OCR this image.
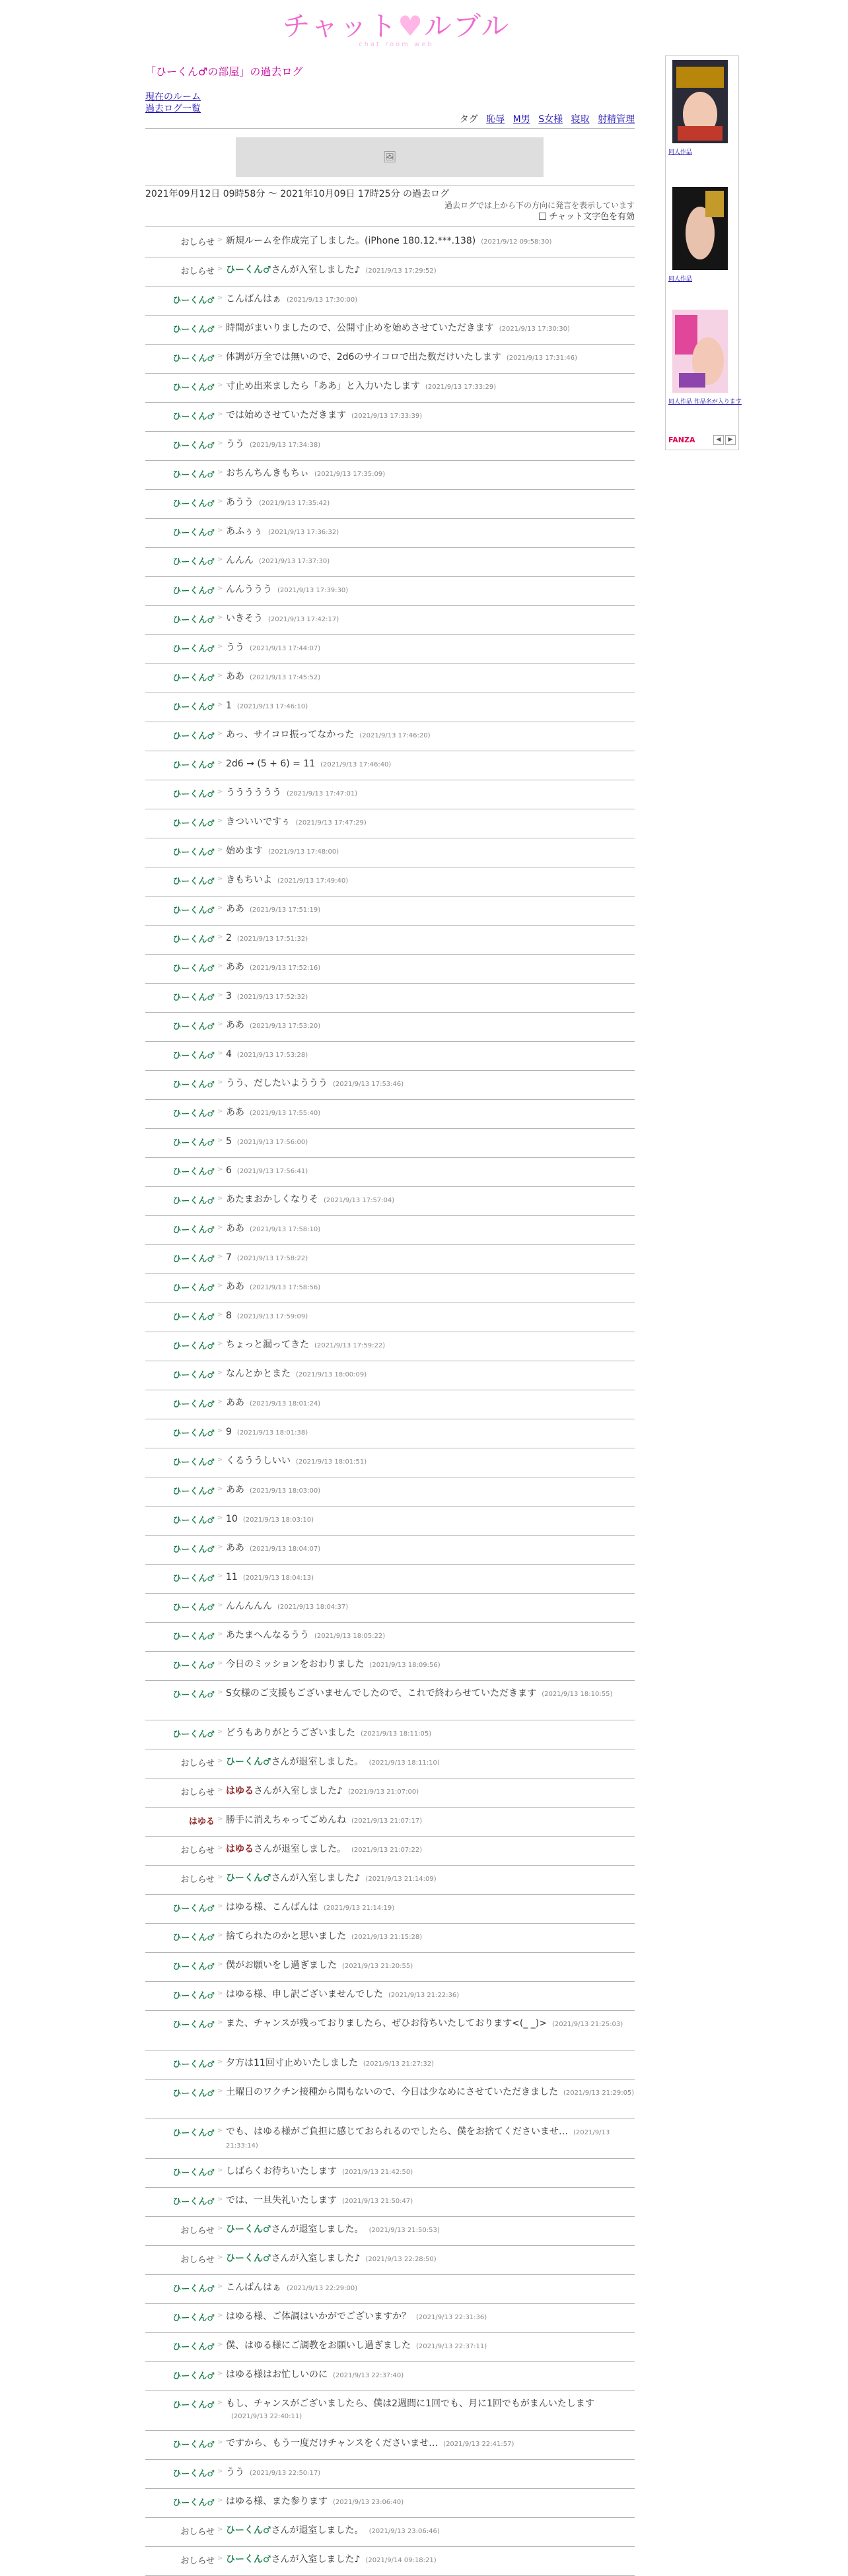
チャット♥ルブル
chat room web
「ひーくん♂の部屋」の過去ログ
現在のルーム
過去ログ一覧
タグ 恥辱 M男 S女様 寝取 射精管理
🖼
2021年09月12日 09時58分 〜 2021年10月09日 17時25分 の過去ログ
過去ログでは上から下の方向に発言を表示しています
チャット文字色を有効
おしらせ > 新規ルームを作成完了しました。(iPhone 180.12.***.138) (2021/9/12 09:58:30)
おしらせ > ひーくん♂さんが入室しました♪ (2021/9/13 17:29:52)
ひーくん♂ > こんばんはぁ (2021/9/13 17:30:00)
ひーくん♂ > 時間がまいりましたので、公開寸止めを始めさせていただきます (2021/9/13 17:30:30)
ひーくん♂ > 体調が万全では無いので、2d6のサイコロで出た数だけいたします (2021/9/13 17:31:46)
ひーくん♂ > 寸止め出来ましたら「ああ」と入力いたします (2021/9/13 17:33:29)
ひーくん♂ > では始めさせていただきます (2021/9/13 17:33:39)
ひーくん♂ > うう (2021/9/13 17:34:38)
ひーくん♂ > おちんちんきもちぃ (2021/9/13 17:35:09)
ひーくん♂ > あうう (2021/9/13 17:35:42)
ひーくん♂ > あふぅぅ (2021/9/13 17:36:32)
ひーくん♂ > んんん (2021/9/13 17:37:30)
ひーくん♂ > んんううう (2021/9/13 17:39:30)
ひーくん♂ > いきそう (2021/9/13 17:42:17)
ひーくん♂ > うう (2021/9/13 17:44:07)
ひーくん♂ > ああ (2021/9/13 17:45:52)
ひーくん♂ > 1 (2021/9/13 17:46:10)
ひーくん♂ > あっ、サイコロ振ってなかった (2021/9/13 17:46:20)
ひーくん♂ > 2d6 → (5 + 6) = 11 (2021/9/13 17:46:40)
ひーくん♂ > うううううう (2021/9/13 17:47:01)
ひーくん♂ > きついいですぅ (2021/9/13 17:47:29)
ひーくん♂ > 始めます (2021/9/13 17:48:00)
ひーくん♂ > きもちいよ (2021/9/13 17:49:40)
ひーくん♂ > ああ (2021/9/13 17:51:19)
ひーくん♂ > 2 (2021/9/13 17:51:32)
ひーくん♂ > ああ (2021/9/13 17:52:16)
ひーくん♂ > 3 (2021/9/13 17:52:32)
ひーくん♂ > ああ (2021/9/13 17:53:20)
ひーくん♂ > 4 (2021/9/13 17:53:28)
ひーくん♂ > うう、だしたいよううう (2021/9/13 17:53:46)
ひーくん♂ > ああ (2021/9/13 17:55:40)
ひーくん♂ > 5 (2021/9/13 17:56:00)
ひーくん♂ > 6 (2021/9/13 17:56:41)
ひーくん♂ > あたまおかしくなりそ (2021/9/13 17:57:04)
ひーくん♂ > ああ (2021/9/13 17:58:10)
ひーくん♂ > 7 (2021/9/13 17:58:22)
ひーくん♂ > ああ (2021/9/13 17:58:56)
ひーくん♂ > 8 (2021/9/13 17:59:09)
ひーくん♂ > ちょっと漏ってきた (2021/9/13 17:59:22)
ひーくん♂ > なんとかとまた (2021/9/13 18:00:09)
ひーくん♂ > ああ (2021/9/13 18:01:24)
ひーくん♂ > 9 (2021/9/13 18:01:38)
ひーくん♂ > くるううしいい (2021/9/13 18:01:51)
ひーくん♂ > ああ (2021/9/13 18:03:00)
ひーくん♂ > 10 (2021/9/13 18:03:10)
ひーくん♂ > ああ (2021/9/13 18:04:07)
ひーくん♂ > 11 (2021/9/13 18:04:13)
ひーくん♂ > んんんんん (2021/9/13 18:04:37)
ひーくん♂ > あたまへんなるうう (2021/9/13 18:05:22)
ひーくん♂ > 今日のミッションをおわりました (2021/9/13 18:09:56)
ひーくん♂ > S女様のご支援もございませんでしたので、これで終わらせていただきます (2021/9/13 18:10:55)
ひーくん♂ > どうもありがとうございました (2021/9/13 18:11:05)
おしらせ > ひーくん♂さんが退室しました。 (2021/9/13 18:11:10)
おしらせ > はゆるさんが入室しました♪ (2021/9/13 21:07:00)
はゆる > 勝手に消えちゃってごめんね (2021/9/13 21:07:17)
おしらせ > はゆるさんが退室しました。 (2021/9/13 21:07:22)
おしらせ > ひーくん♂さんが入室しました♪ (2021/9/13 21:14:09)
ひーくん♂ > はゆる様、こんばんは (2021/9/13 21:14:19)
ひーくん♂ > 捨てられたのかと思いました (2021/9/13 21:15:28)
ひーくん♂ > 僕がお願いをし過ぎました (2021/9/13 21:20:55)
ひーくん♂ > はゆる様、申し訳ございませんでした (2021/9/13 21:22:36)
ひーくん♂ > また、チャンスが残っておりましたら、ぜひお待ちいたしております<(_ _)> (2021/9/13 21:25:03)
ひーくん♂ > 夕方は11回寸止めいたしました (2021/9/13 21:27:32)
ひーくん♂ > 土曜日のワクチン接種から間もないので、今日は少なめにさせていただきました (2021/9/13 21:29:05)
ひーくん♂ > でも、はゆる様がご負担に感じておられるのでしたら、僕をお捨てくださいませ… (2021/9/13 21:33:14)
ひーくん♂ > しばらくお待ちいたします (2021/9/13 21:42:50)
ひーくん♂ > では、一旦失礼いたします (2021/9/13 21:50:47)
おしらせ > ひーくん♂さんが退室しました。 (2021/9/13 21:50:53)
おしらせ > ひーくん♂さんが入室しました♪ (2021/9/13 22:28:50)
ひーくん♂ > こんばんはぁ (2021/9/13 22:29:00)
ひーくん♂ > はゆる様、ご体調はいかがでございますか？ (2021/9/13 22:31:36)
ひーくん♂ > 僕、はゆる様にご調教をお願いし過ぎました (2021/9/13 22:37:11)
ひーくん♂ > はゆる様はお忙しいのに (2021/9/13 22:37:40)
ひーくん♂ > もし、チャンスがございましたら、僕は2週間に1回でも、月に1回でもがまんいたします(2021/9/13 22:40:11)
ひーくん♂ > ですから、もう一度だけチャンスをくださいませ… (2021/9/13 22:41:57)
ひーくん♂ > うう (2021/9/13 22:50:17)
ひーくん♂ > はゆる様、また参ります (2021/9/13 23:06:40)
おしらせ > ひーくん♂さんが退室しました。 (2021/9/13 23:06:46)
おしらせ > ひーくん♂さんが入室しました♪ (2021/9/14 09:18:21)
同人作品
同人作品
同人作品 作品名が入ります
FANZA	◀	▶
